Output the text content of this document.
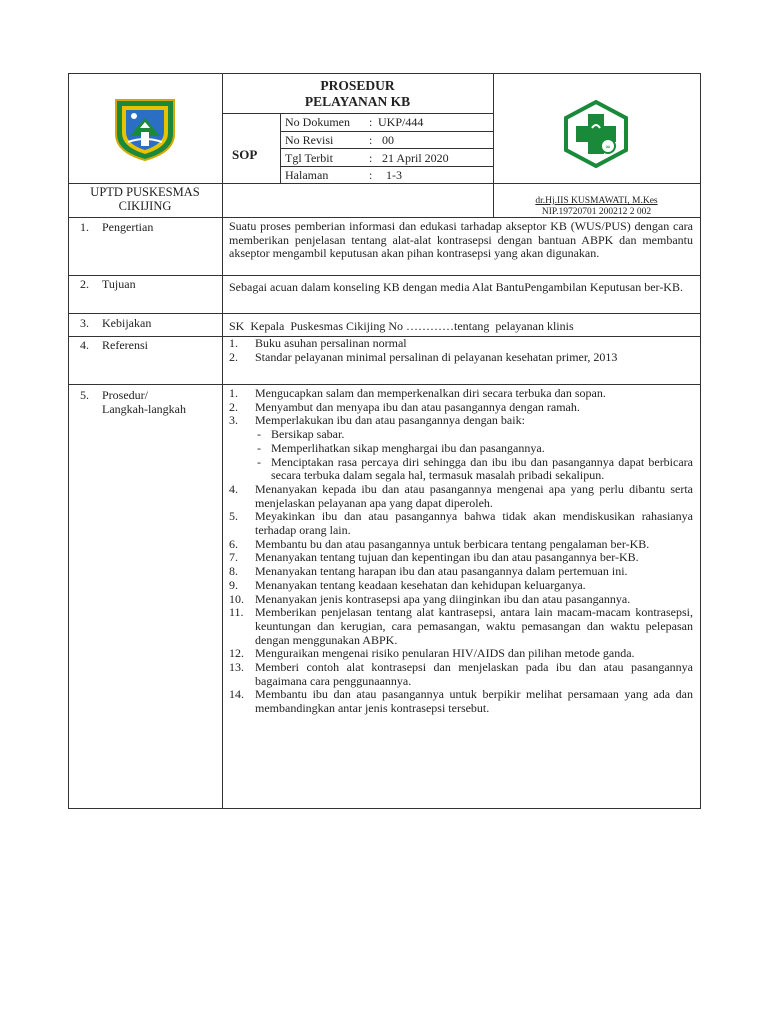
PROSEDUR
PELAYANAN KB
SOP
No Dokumen : UKP/444
No Revisi	: 00
Tgl Terbit	: 21 April 2020
Halaman	: 1-3
∞
UPTD PUSKESMAS
CIKIJING	dr.Hj.IIS KUSMAWATI, M.Kes
NIP.19720701 200212 2 002
1. Pengertian	Suatu proses pemberian informasi dan edukasi tarhadap akseptor KB (WUS/PUS) dengan cara memberikan penjelasan tentang alat-alat kontrasepsi dengan bantuan ABPK dan membantu akseptor mengambil keputusan akan pihan kontrasepsi yang akan digunakan.
2. Tujuan	Sebagai acuan dalam konseling KB dengan media Alat BantuPengambilan Keputusan ber-KB.
3. Kebijakan	SK  Kepala  Puskesmas Cikijing No …………tentang  pelayanan klinis
4. Referensi	1.	Buku asuhan persalinan normal
2.	Standar pelayanan minimal persalinan di pelayanan kesehatan primer, 2013
5. Prosedur/
Langkah-langkah
1.	Mengucapkan salam dan memperkenalkan diri secara terbuka dan sopan.
2.	Menyambut dan menyapa ibu dan atau pasangannya dengan ramah.
3.	Memperlakukan ibu dan atau pasangannya dengan baik:
- Bersikap sabar.
- Memperlihatkan sikap menghargai ibu dan pasangannya.
- Menciptakan rasa percaya diri sehingga dan ibu ibu dan pasangannya dapat berbicara secara terbuka dalam segala hal, termasuk masalah pribadi sekalipun.
4.	Menanyakan kepada ibu dan atau pasangannya mengenai apa yang perlu dibantu serta menjelaskan pelayanan apa yang dapat diperoleh.
5.	Meyakinkan ibu dan atau pasangannya bahwa tidak akan mendiskusikan rahasianya terhadap orang lain.
6.	Membantu bu dan atau pasangannya untuk berbicara tentang pengalaman ber-KB.
7.	Menanyakan tentang tujuan dan kepentingan ibu dan atau pasangannya ber-KB.
8.	Menanyakan tentang harapan ibu dan atau pasangannya dalam pertemuan ini.
9.	Menanyakan tentang keadaan kesehatan dan kehidupan keluarganya.
10. Menanyakan jenis kontrasepsi apa yang diinginkan ibu dan atau pasangannya.
11. Memberikan penjelasan tentang alat kantrasepsi, antara lain macam-macam kontrasepsi, keuntungan dan kerugian, cara pemasangan, waktu pemasangan dan waktu pelepasan dengan menggunakan ABPK.
12. Menguraikan mengenai risiko penularan HIV/AIDS dan pilihan metode ganda.
13. Memberi contoh alat kontrasepsi dan menjelaskan pada ibu dan atau pasangannya bagaimana cara penggunaannya.
14. Membantu ibu dan atau pasangannya untuk berpikir melihat persamaan yang ada dan membandingkan antar jenis kontrasepsi tersebut.
